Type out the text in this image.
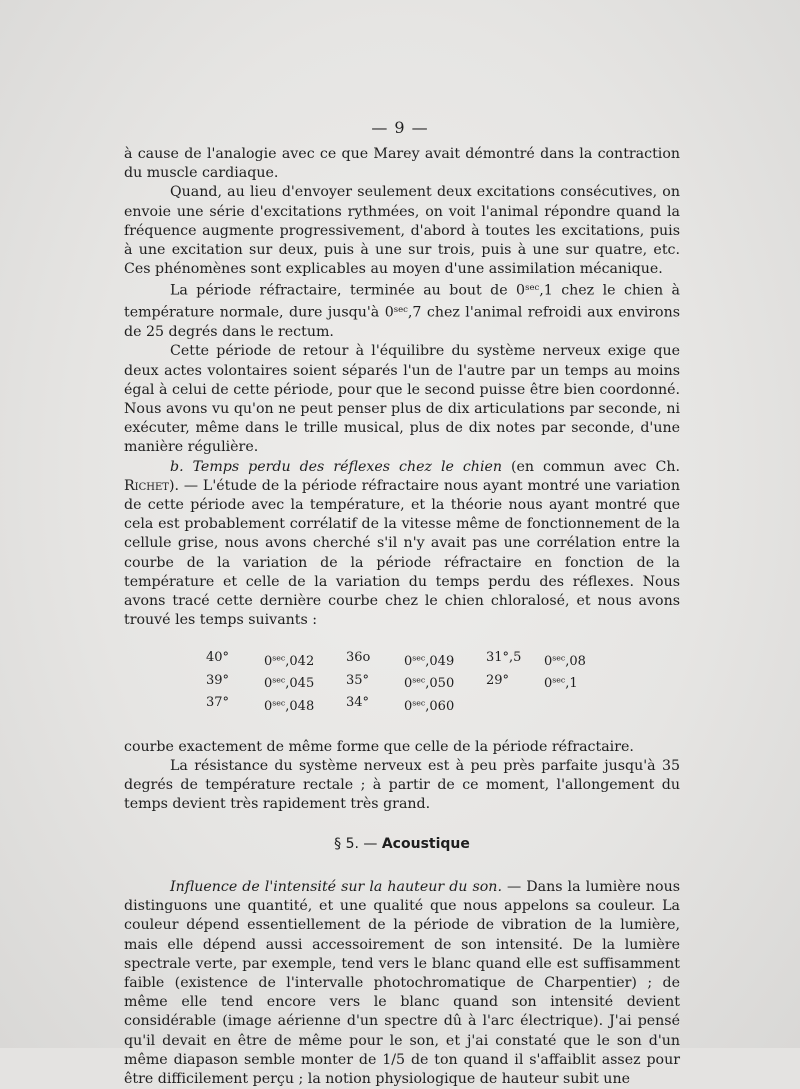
— 9 —

à cause de l'analogie avec ce que Marey avait démontré dans la contraction du muscle cardiaque.

Quand, au lieu d'envoyer seulement deux excitations consécutives, on envoie une série d'excitations rythmées, on voit l'animal répondre quand la fréquence augmente progressivement, d'abord à toutes les excitations, puis à une excitation sur deux, puis à une sur trois, puis à une sur quatre, etc. Ces phénomènes sont explicables au moyen d'une assimilation mécanique.

La période réfractaire, terminée au bout de $0^{sec},1$ chez le chien à température normale, dure jusqu'à $0^{sec},7$ chez l'animal refroidi aux environs de 25 degrés dans le rectum.

Cette période de retour à l'équilibre du système nerveux exige que deux actes volontaires soient séparés l'un de l'autre par un temps au moins égal à celui de cette période, pour que le second puisse être bien coordonné. Nous avons vu qu'on ne peut penser plus de dix articulations par seconde, ni exécuter, même dans le trille musical, plus de dix notes par seconde, d'une manière régulière.

b. Temps perdu des réflexes chez le chien (en commun avec Ch. Richet). — L'étude de la période réfractaire nous ayant montré une variation de cette période avec la température, et la théorie nous ayant montré que cela est probablement corrélatif de la vitesse même de fonctionnement de la cellule grise, nous avons cherché s'il n'y avait pas une corrélation entre la courbe de la variation de la période réfractaire en fonction de la température et celle de la variation du temps perdu des réflexes. Nous avons tracé cette dernière courbe chez le chien chloralosé, et nous avons trouvé les temps suivants :

40°	$0^{sec},042$	36o	$0^{sec},049$	31°,5	$0^{sec},08$
39°	$0^{sec},045$	35°	$0^{sec},050$	29°	$0^{sec},1$
37°	$0^{sec},048$	34°	$0^{sec},060$		

courbe exactement de même forme que celle de la période réfractaire.

La résistance du système nerveux est à peu près parfaite jusqu'à 35 degrés de température rectale ; à partir de ce moment, l'allongement du temps devient très rapidement très grand.

§ 5. — Acoustique

Influence de l'intensité sur la hauteur du son. — Dans la lumière nous distinguons une quantité, et une qualité que nous appelons sa couleur. La couleur dépend essentiellement de la période de vibration de la lumière, mais elle dépend aussi accessoirement de son intensité. De la lumière spectrale verte, par exemple, tend vers le blanc quand elle est suffisamment faible (existence de l'intervalle photochromatique de Charpentier) ; de même elle tend encore vers le blanc quand son intensité devient considérable (image aérienne d'un spectre dû à l'arc électrique). J'ai pensé qu'il devait en être de même pour le son, et j'ai constaté que le son d'un même diapason semble monter de 1/5 de ton quand il s'affaiblit assez pour être difficilement perçu ; la notion physiologique de hauteur subit une
